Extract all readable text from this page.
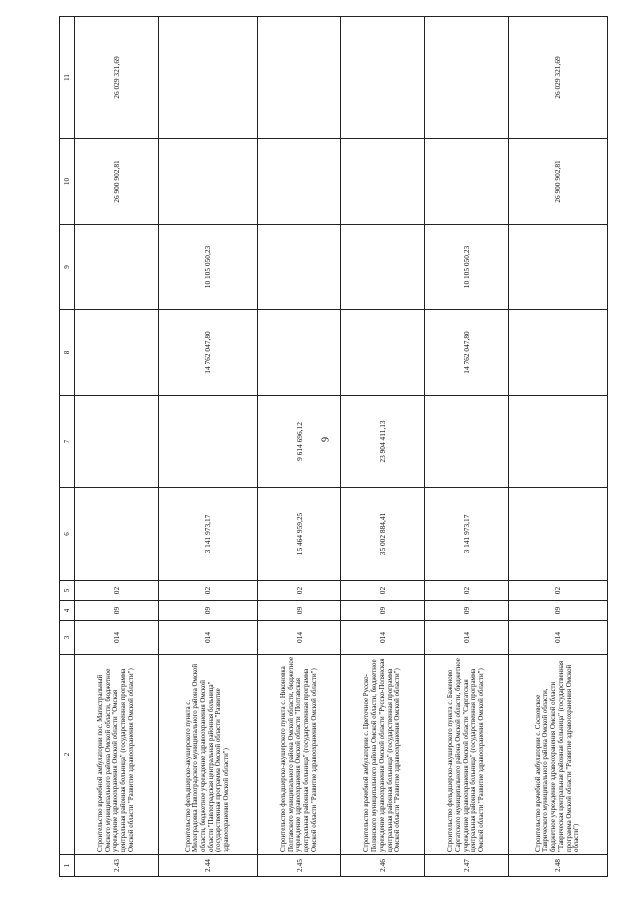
9
1	2	3	4	5	6	7	8	9	10	11
2.43	Строительство врачебной амбулатории пос. Магистральный Омского муниципального района Омской области, бюджетное учреждение здравоохранения Омской области "Омская центральная районная больница" (государственная программа Омской области "Развитие здравоохранения Омской области")	014	09	02					26 900 902,81	26 029 321,69
2.44	Строительство фельдшерско-акушерского пункта с. Милоградовка Павлоградского муниципального района Омской области, бюджетное учреждение здравоохранения Омской области "Павлоградская центральная районная больница" (государственная программа Омской области "Развитие здравоохранения Омской области")	014	09	02	3 141 973,17		14 762 047,80	10 105 050,23		
2.45	Строительство фельдшерско-акушерского пункта с. Никоновка Полтавского муниципального района Омской области, бюджетное учреждение здравоохранения Омской области "Полтавская центральная районная больница" (государственная программа Омской области "Развитие здравоохранения Омской области")	014	09	02	15 464 959,25	9 614 696,12				
2.46	Строительство врачебной амбулатории с. Цветочное Русско-Полянского муниципального района Омской области, бюджетное учреждение здравоохранения Омской области "Русско-Полянская центральная районная больница" (государственная программа Омской области "Развитие здравоохранения Омской области")	014	09	02	35 002 884,41	23 904 411,13				
2.47	Строительство фельдшерско-акушерского пункта с. Баженово Саргатского муниципального района Омской области, бюджетное учреждение здравоохранения Омской области "Саргатская центральная районная больница" (государственная программа Омской области "Развитие здравоохранения Омской области")	014	09	02	3 141 973,17		14 762 047,80	10 105 050,23		
2.48	Строительство врачебной амбулатории с. Сосновское Таврического муниципального района Омской области, бюджетное учреждение здравоохранения Омской области "Таврическая центральная районная больница" (государственная программа Омской области "Развитие здравоохранения Омской области")	014	09	02					26 900 902,81	26 029 321,69
